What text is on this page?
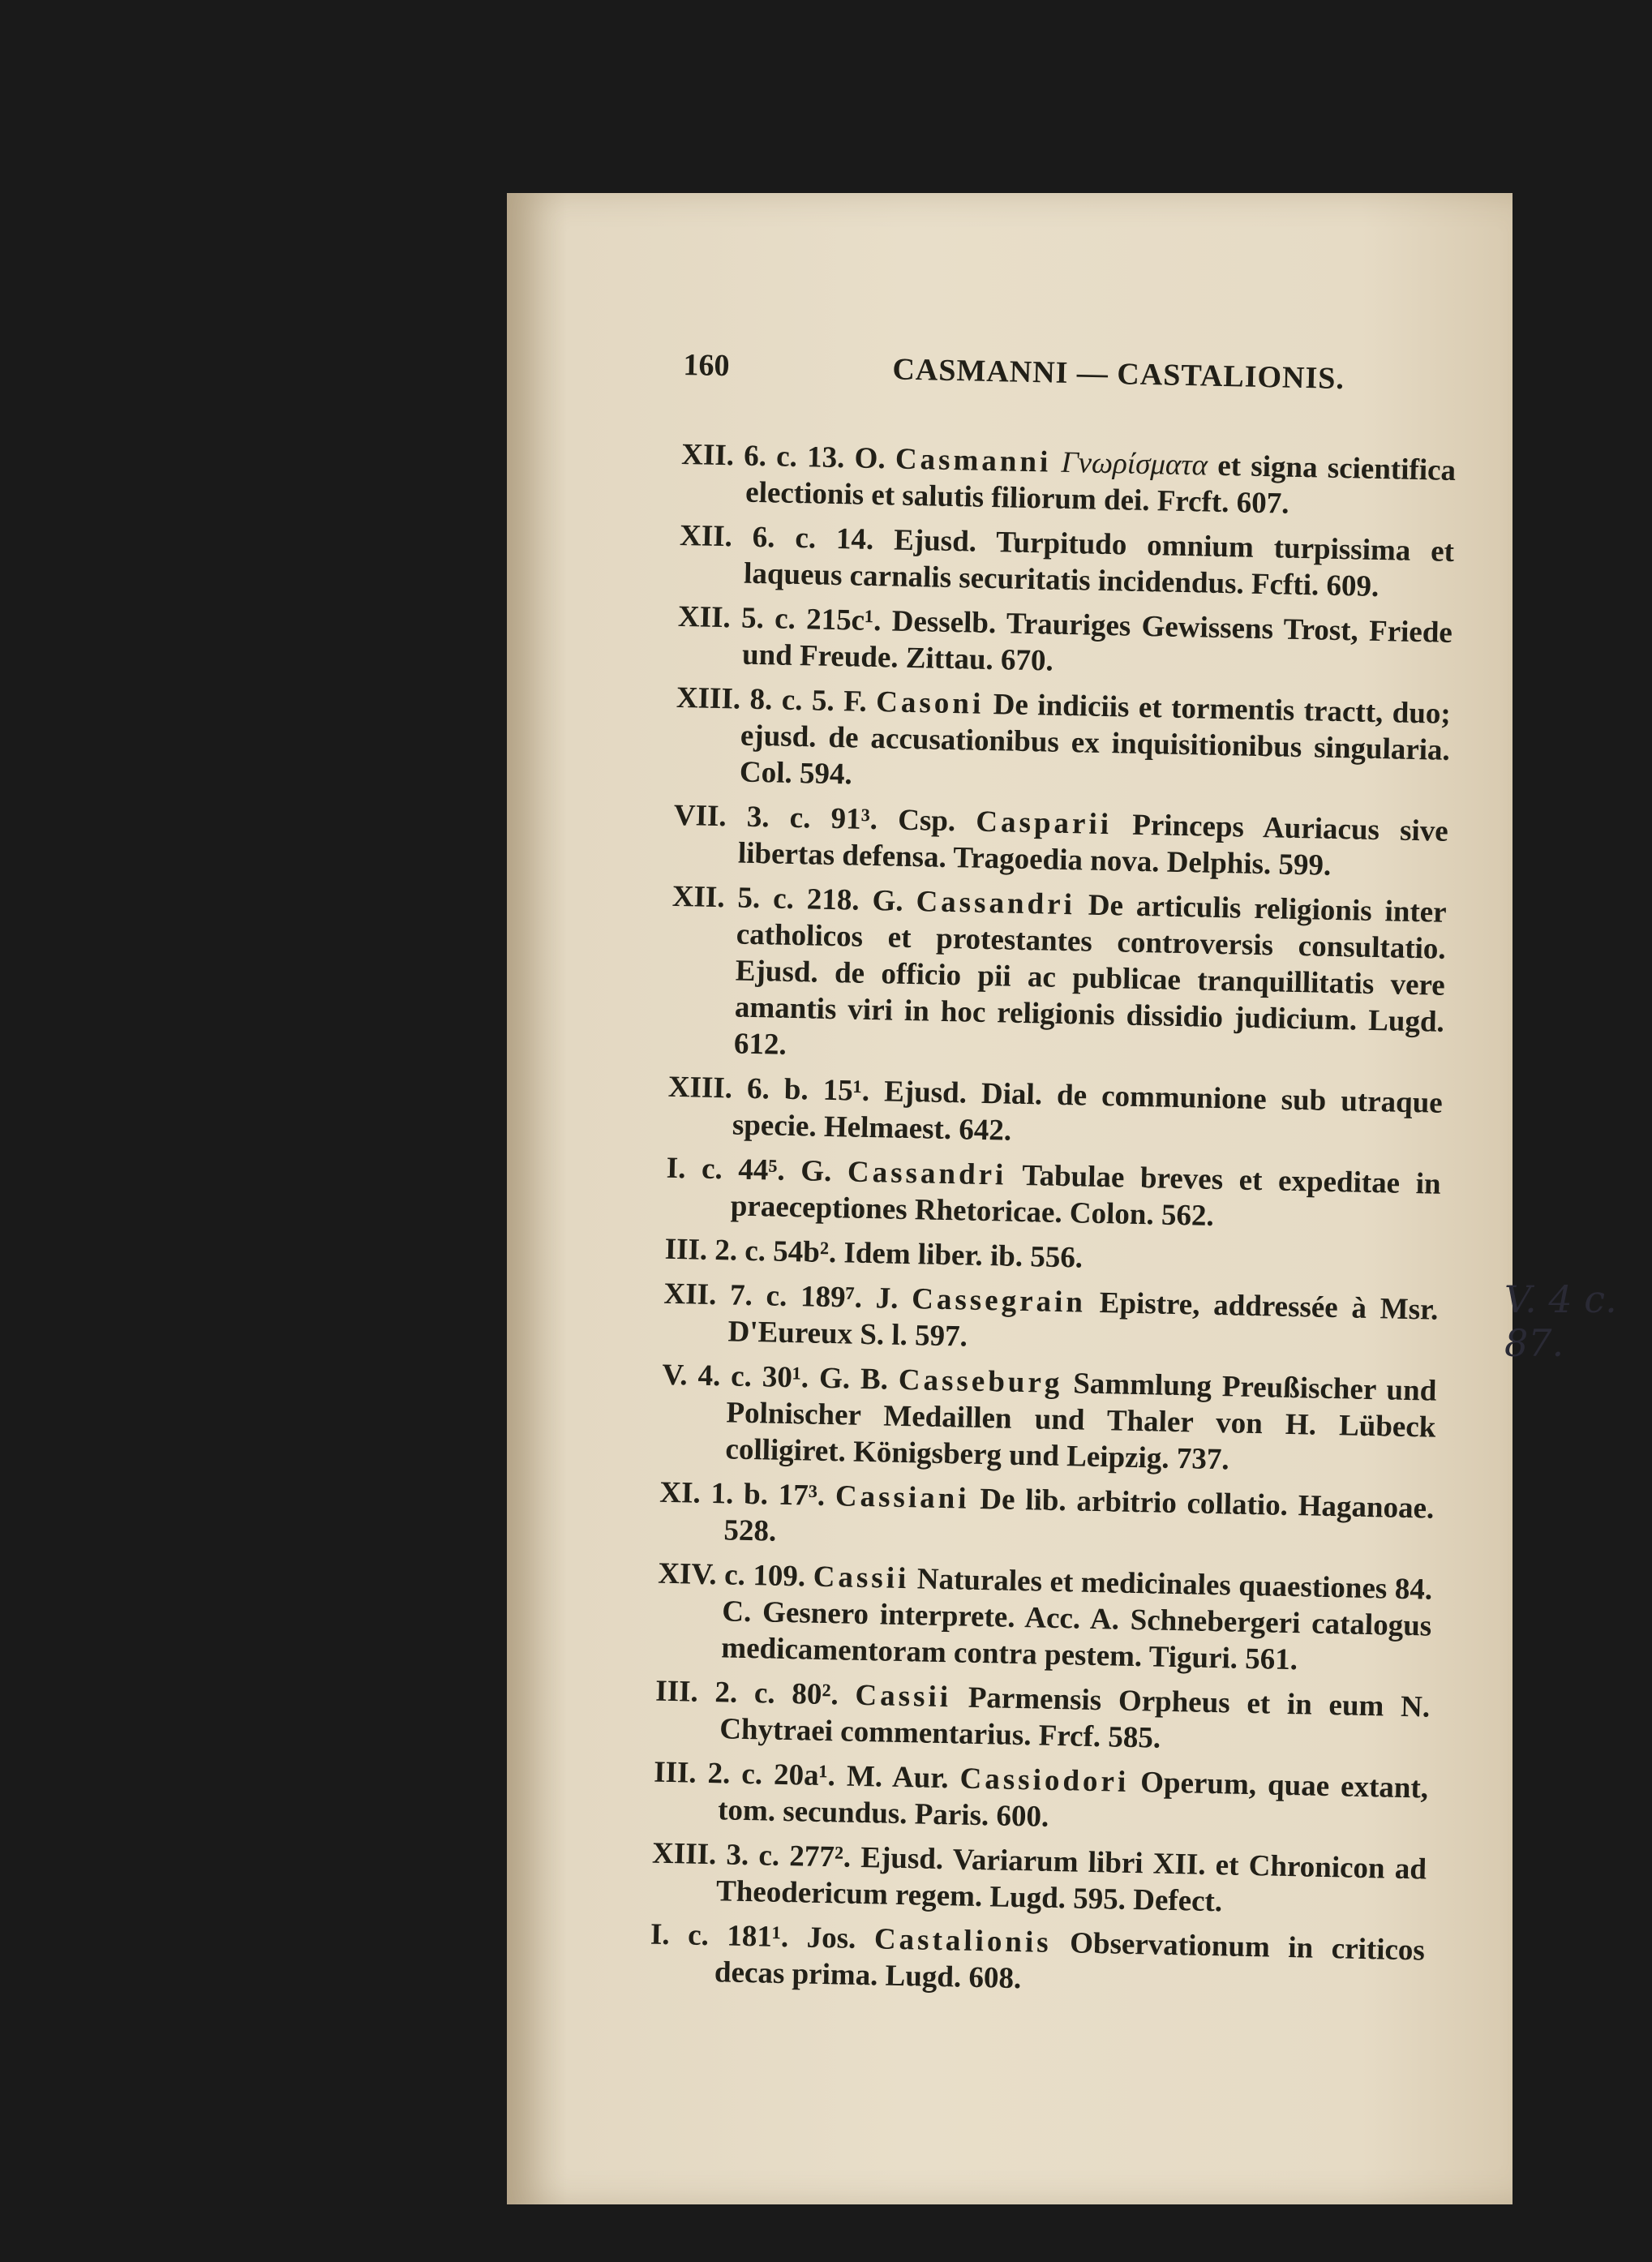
160	CASMANNI — CASTALIONIS.
XII. 6. c. 13. O. Casmanni Γνωρίσματα et signa scientifica electionis et salutis filiorum dei. Frcft. 607.
XII. 6. c. 14. Ejusd. Turpitudo omnium turpissima et laqueus carnalis securitatis incidendus. Fcfti. 609.
XII. 5. c. 215c¹. Desselb. Trauriges Gewissens Trost, Friede und Freude. Zittau. 670.
XIII. 8. c. 5. F. Casoni De indiciis et tormentis tractt, duo; ejusd. de accusationibus ex inquisitionibus singularia. Col. 594.
VII. 3. c. 91³. Csp. Casparii Princeps Auriacus sive libertas defensa. Tragoedia nova. Delphis. 599.
XII. 5. c. 218. G. Cassandri De articulis religionis inter catholicos et protestantes controversis consultatio. Ejusd. de officio pii ac publicae tranquillitatis vere amantis viri in hoc religionis dissidio judicium. Lugd. 612.
XIII. 6. b. 15¹. Ejusd. Dial. de communione sub utraque specie. Helmaest. 642.
I. c. 44⁵. G. Cassandri Tabulae breves et expeditae in praeceptiones Rhetoricae. Colon. 562.
III. 2. c. 54b². Idem liber. ib. 556.
XII. 7. c. 189⁷. J. Cassegrain Epistre, addressée à Msr. D'Eureux S. l. 597.
V. 4. c. 30¹. G. B. Casseburg Sammlung Preußischer und Polnischer Medaillen und Thaler von H. Lübeck colligiret. Königsberg und Leipzig. 737.
XI. 1. b. 17³. Cassiani De lib. arbitrio collatio. Haganoae. 528.
XIV. c. 109. Cassii Naturales et medicinales quaestiones 84. C. Gesnero interprete. Acc. A. Schnebergeri catalogus medicamentoram contra pestem. Tiguri. 561.
III. 2. c. 80². Cassii Parmensis Orpheus et in eum N. Chytraei commentarius. Frcf. 585.
III. 2. c. 20a¹. M. Aur. Cassiodori Operum, quae extant, tom. secundus. Paris. 600.
XIII. 3. c. 277². Ejusd. Variarum libri XII. et Chronicon ad Theodericum regem. Lugd. 595. Defect.
I. c. 181¹. Jos. Castalionis Observationum in criticos decas prima. Lugd. 608.
V. 4 c. 87.
